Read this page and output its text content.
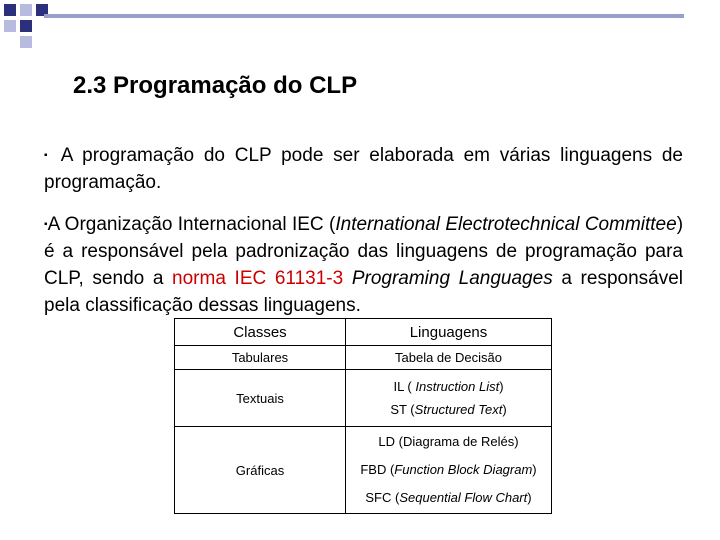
2.3 Programação do CLP
▪ A programação do CLP pode ser elaborada em várias linguagens de programação.
▪A Organização Internacional IEC (International Electrotechnical Committee) é a responsável pela padronização das linguagens de programação para CLP, sendo a norma IEC 61131-3 Programing Languages a responsável pela classificação dessas linguagens.
Classes	Linguagens
Tabulares	Tabela de Decisão

Textuais	IL ( Instruction List)
ST (Structured Text)

Gráficas	LD (Diagrama de Relés)
FBD (Function Block Diagram)
SFC (Sequential Flow Chart)
